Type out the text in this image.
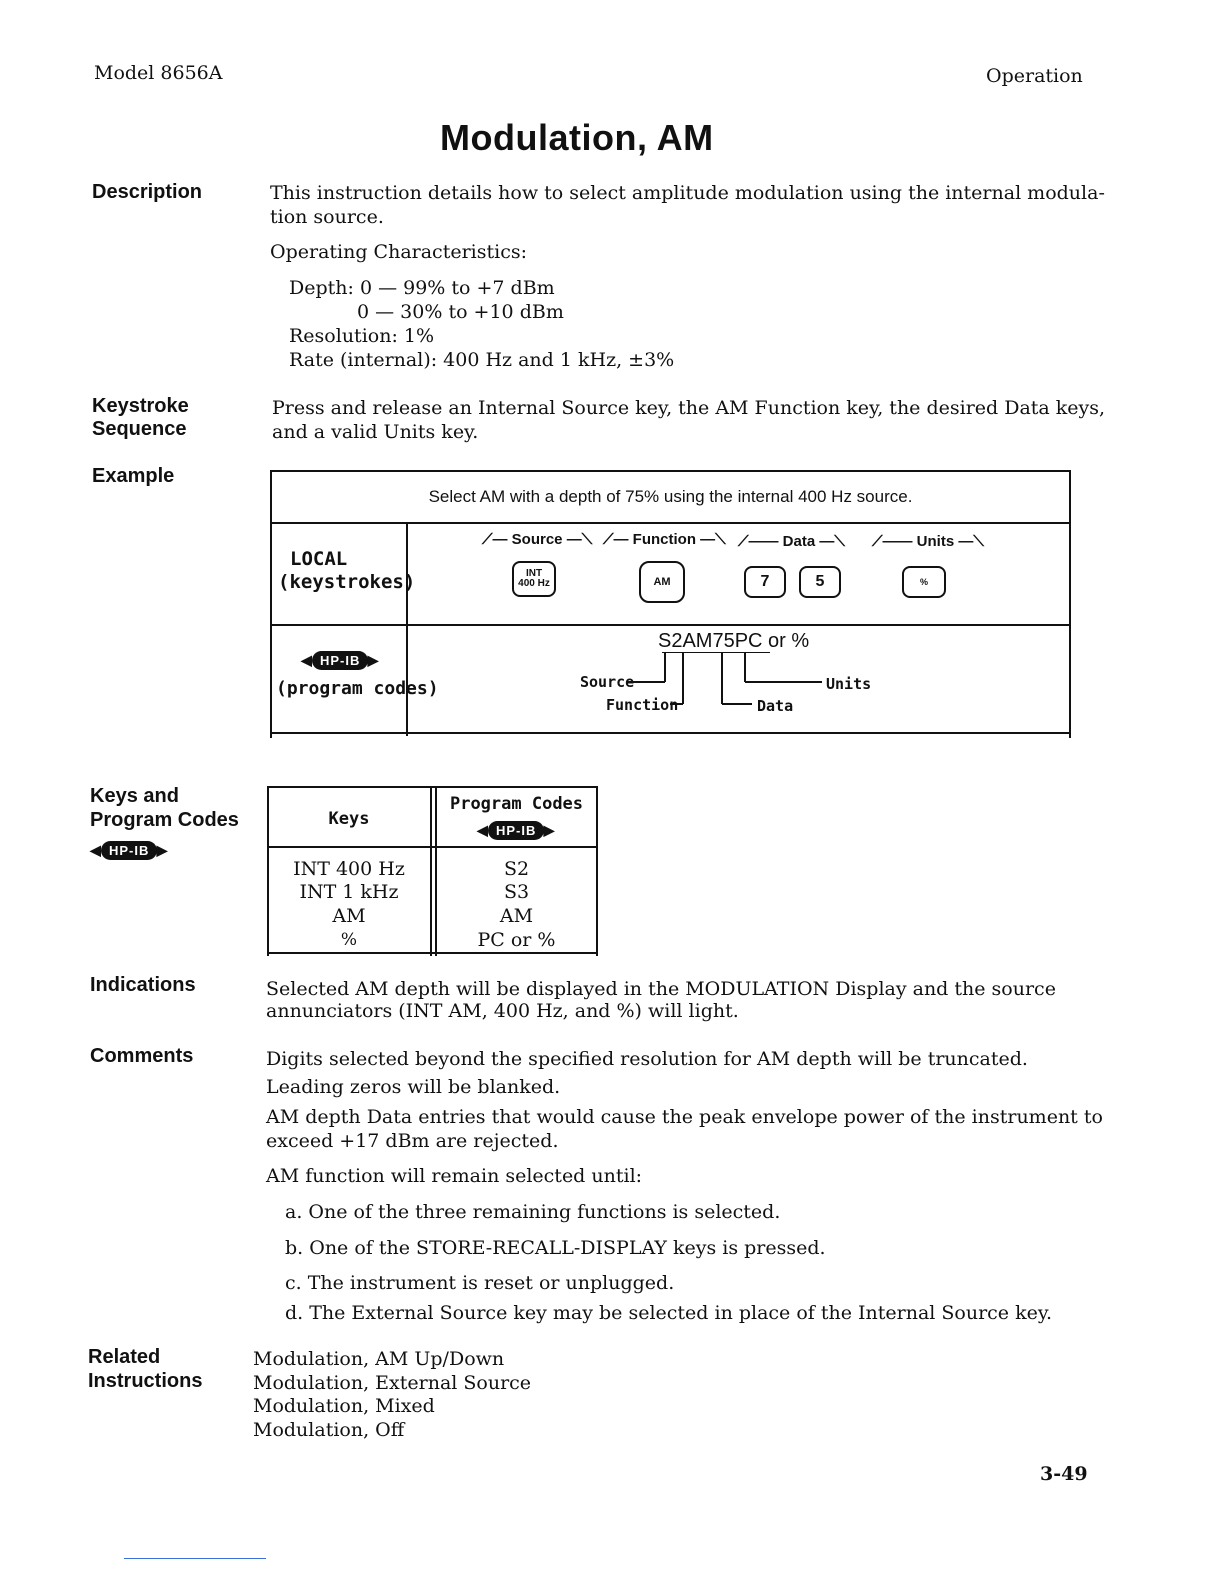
Model 8656A	Operation
Modulation, AM
Description	This instruction details how to select amplitude modulation using the internal modula-
tion source.
Operating Characteristics:
Depth: 0 — 99% to +7 dBm
0 — 30% to +10 dBm
Resolution: 1%
Rate (internal): 400 Hz and 1 kHz, ±3%
Keystroke
Sequence
Press and release an Internal Source key, the AM Function key, the desired Data keys,
and a valid Units key.
Example
Select AM with a depth of 75% using the internal 400 Hz source.
LOCAL
(keystrokes)
⟋— Source —⟍ ⟋— Function —⟍ ⟋—— Data —⟍ ⟋—— Units —⟍
INT
400 Hz	AM	7	5	%
◀ HP-IB ▶
(program codes)
S2AM75PC or %
Source
Function	Data
Units
Keys and
Program Codes
◀ HP-IB ▶
Keys
Program Codes
◀ HP-IB ▶
INT 400 Hz	S2
INT 1 kHz	S3
AM	AM
%	PC or %
Indications	Selected AM depth will be displayed in the MODULATION Display and the source
annunciators (INT AM, 400 Hz, and %) will light.
Comments	Digits selected beyond the specified resolution for AM depth will be truncated.
Leading zeros will be blanked.
AM depth Data entries that would cause the peak envelope power of the instrument to
exceed +17 dBm are rejected.
AM function will remain selected until:
a. One of the three remaining functions is selected.
b. One of the STORE-RECALL-DISPLAY keys is pressed.
c. The instrument is reset or unplugged.
d. The External Source key may be selected in place of the Internal Source key.
Related
Instructions
Modulation, AM Up/Down
Modulation, External Source
Modulation, Mixed
Modulation, Off
3-49
